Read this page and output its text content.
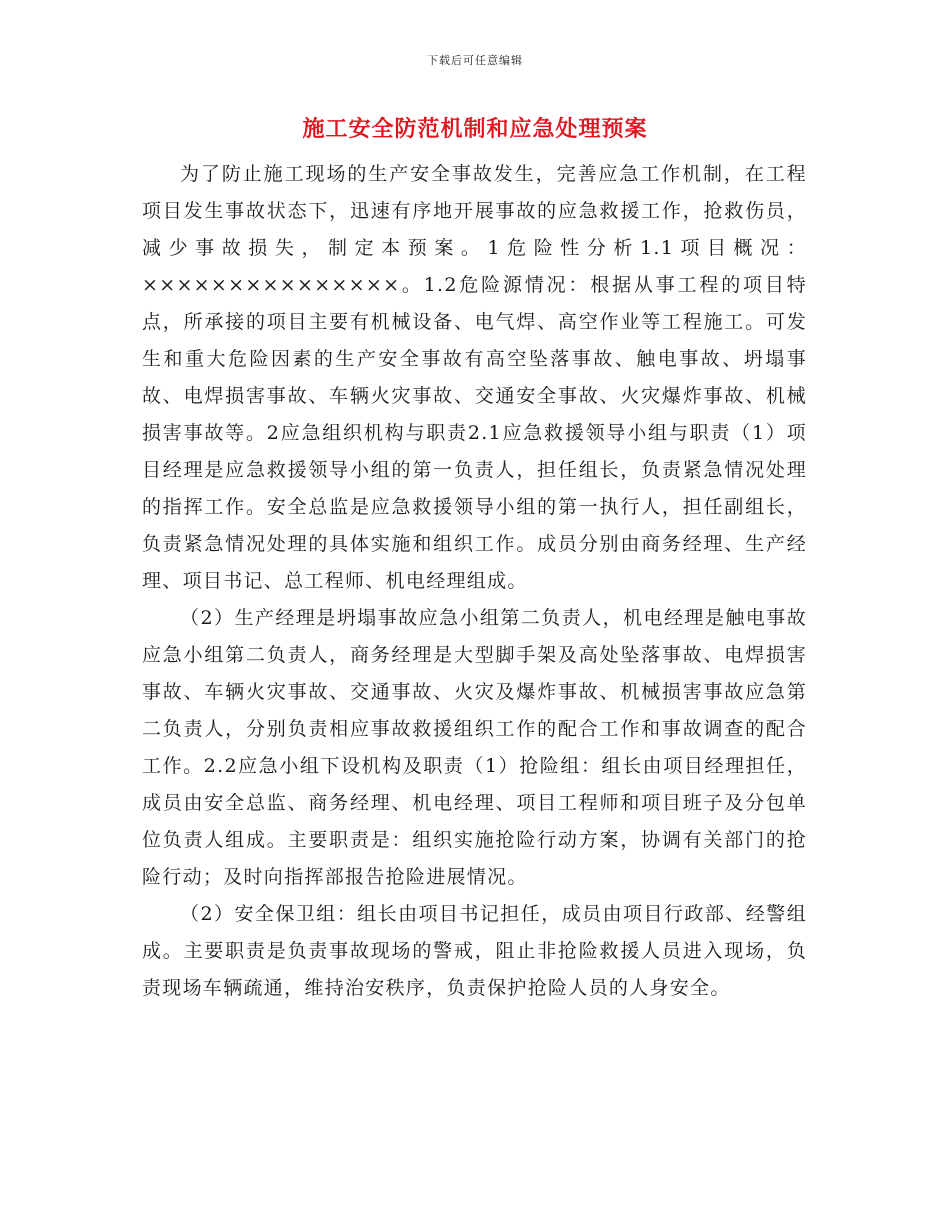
下载后可任意编辑
施工安全防范机制和应急处理预案

为了防止施工现场的生产安全事故发生，完善应急工作机制，在工程项目发生事故状态下，迅速有序地开展事故的应急救援工作，抢救伤员，减少事故损失，制定本预案。1危险性分析1.1项目概况：×××××××××××××××。1.2危险源情况：根据从事工程的项目特点，所承接的项目主要有机械设备、电气焊、高空作业等工程施工。可发生和重大危险因素的生产安全事故有高空坠落事故、触电事故、坍塌事故、电焊损害事故、车辆火灾事故、交通安全事故、火灾爆炸事故、机械损害事故等。2应急组织机构与职责2.1应急救援领导小组与职责（1）项目经理是应急救援领导小组的第一负责人，担任组长，负责紧急情况处理的指挥工作。安全总监是应急救援领导小组的第一执行人，担任副组长，负责紧急情况处理的具体实施和组织工作。成员分别由商务经理、生产经理、项目书记、总工程师、机电经理组成。

（2）生产经理是坍塌事故应急小组第二负责人，机电经理是触电事故应急小组第二负责人，商务经理是大型脚手架及高处坠落事故、电焊损害事故、车辆火灾事故、交通事故、火灾及爆炸事故、机械损害事故应急第二负责人，分别负责相应事故救援组织工作的配合工作和事故调查的配合工作。2.2应急小组下设机构及职责（1）抢险组：组长由项目经理担任，成员由安全总监、商务经理、机电经理、项目工程师和项目班子及分包单位负责人组成。主要职责是：组织实施抢险行动方案，协调有关部门的抢险行动；及时向指挥部报告抢险进展情况。

（2）安全保卫组：组长由项目书记担任，成员由项目行政部、经警组成。主要职责是负责事故现场的警戒，阻止非抢险救援人员进入现场，负责现场车辆疏通，维持治安秩序，负责保护抢险人员的人身安全。
